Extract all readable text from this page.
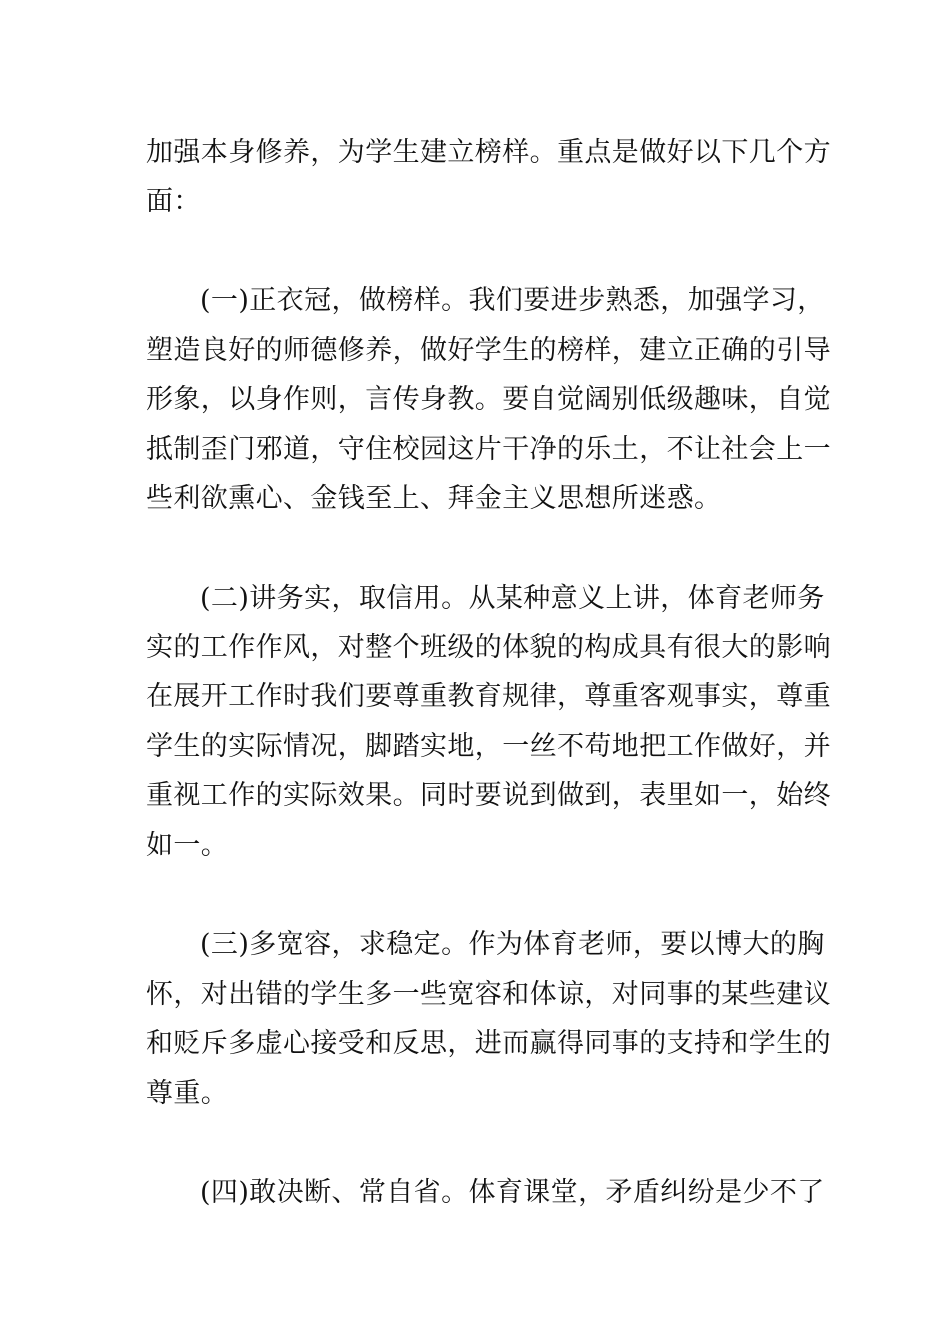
加强本身修养，为学生建立榜样。重点是做好以下几个方

面：

(一)正衣冠，做榜样。我们要进步熟悉，加强学习，

塑造良好的师德修养，做好学生的榜样，建立正确的引导

形象，以身作则，言传身教。要自觉阔别低级趣味，自觉

抵制歪门邪道，守住校园这片干净的乐土，不让社会上一

些利欲熏心、金钱至上、拜金主义思想所迷惑。

(二)讲务实，取信用。从某种意义上讲，体育老师务

实的工作作风，对整个班级的体貌的构成具有很大的影响

在展开工作时我们要尊重教育规律，尊重客观事实，尊重

学生的实际情况，脚踏实地，一丝不苟地把工作做好，并

重视工作的实际效果。同时要说到做到，表里如一，始终

如一。

(三)多宽容，求稳定。作为体育老师，要以博大的胸

怀，对出错的学生多一些宽容和体谅，对同事的某些建议

和贬斥多虚心接受和反思，进而赢得同事的支持和学生的

尊重。

(四)敢决断、常自省。体育课堂，矛盾纠纷是少不了
